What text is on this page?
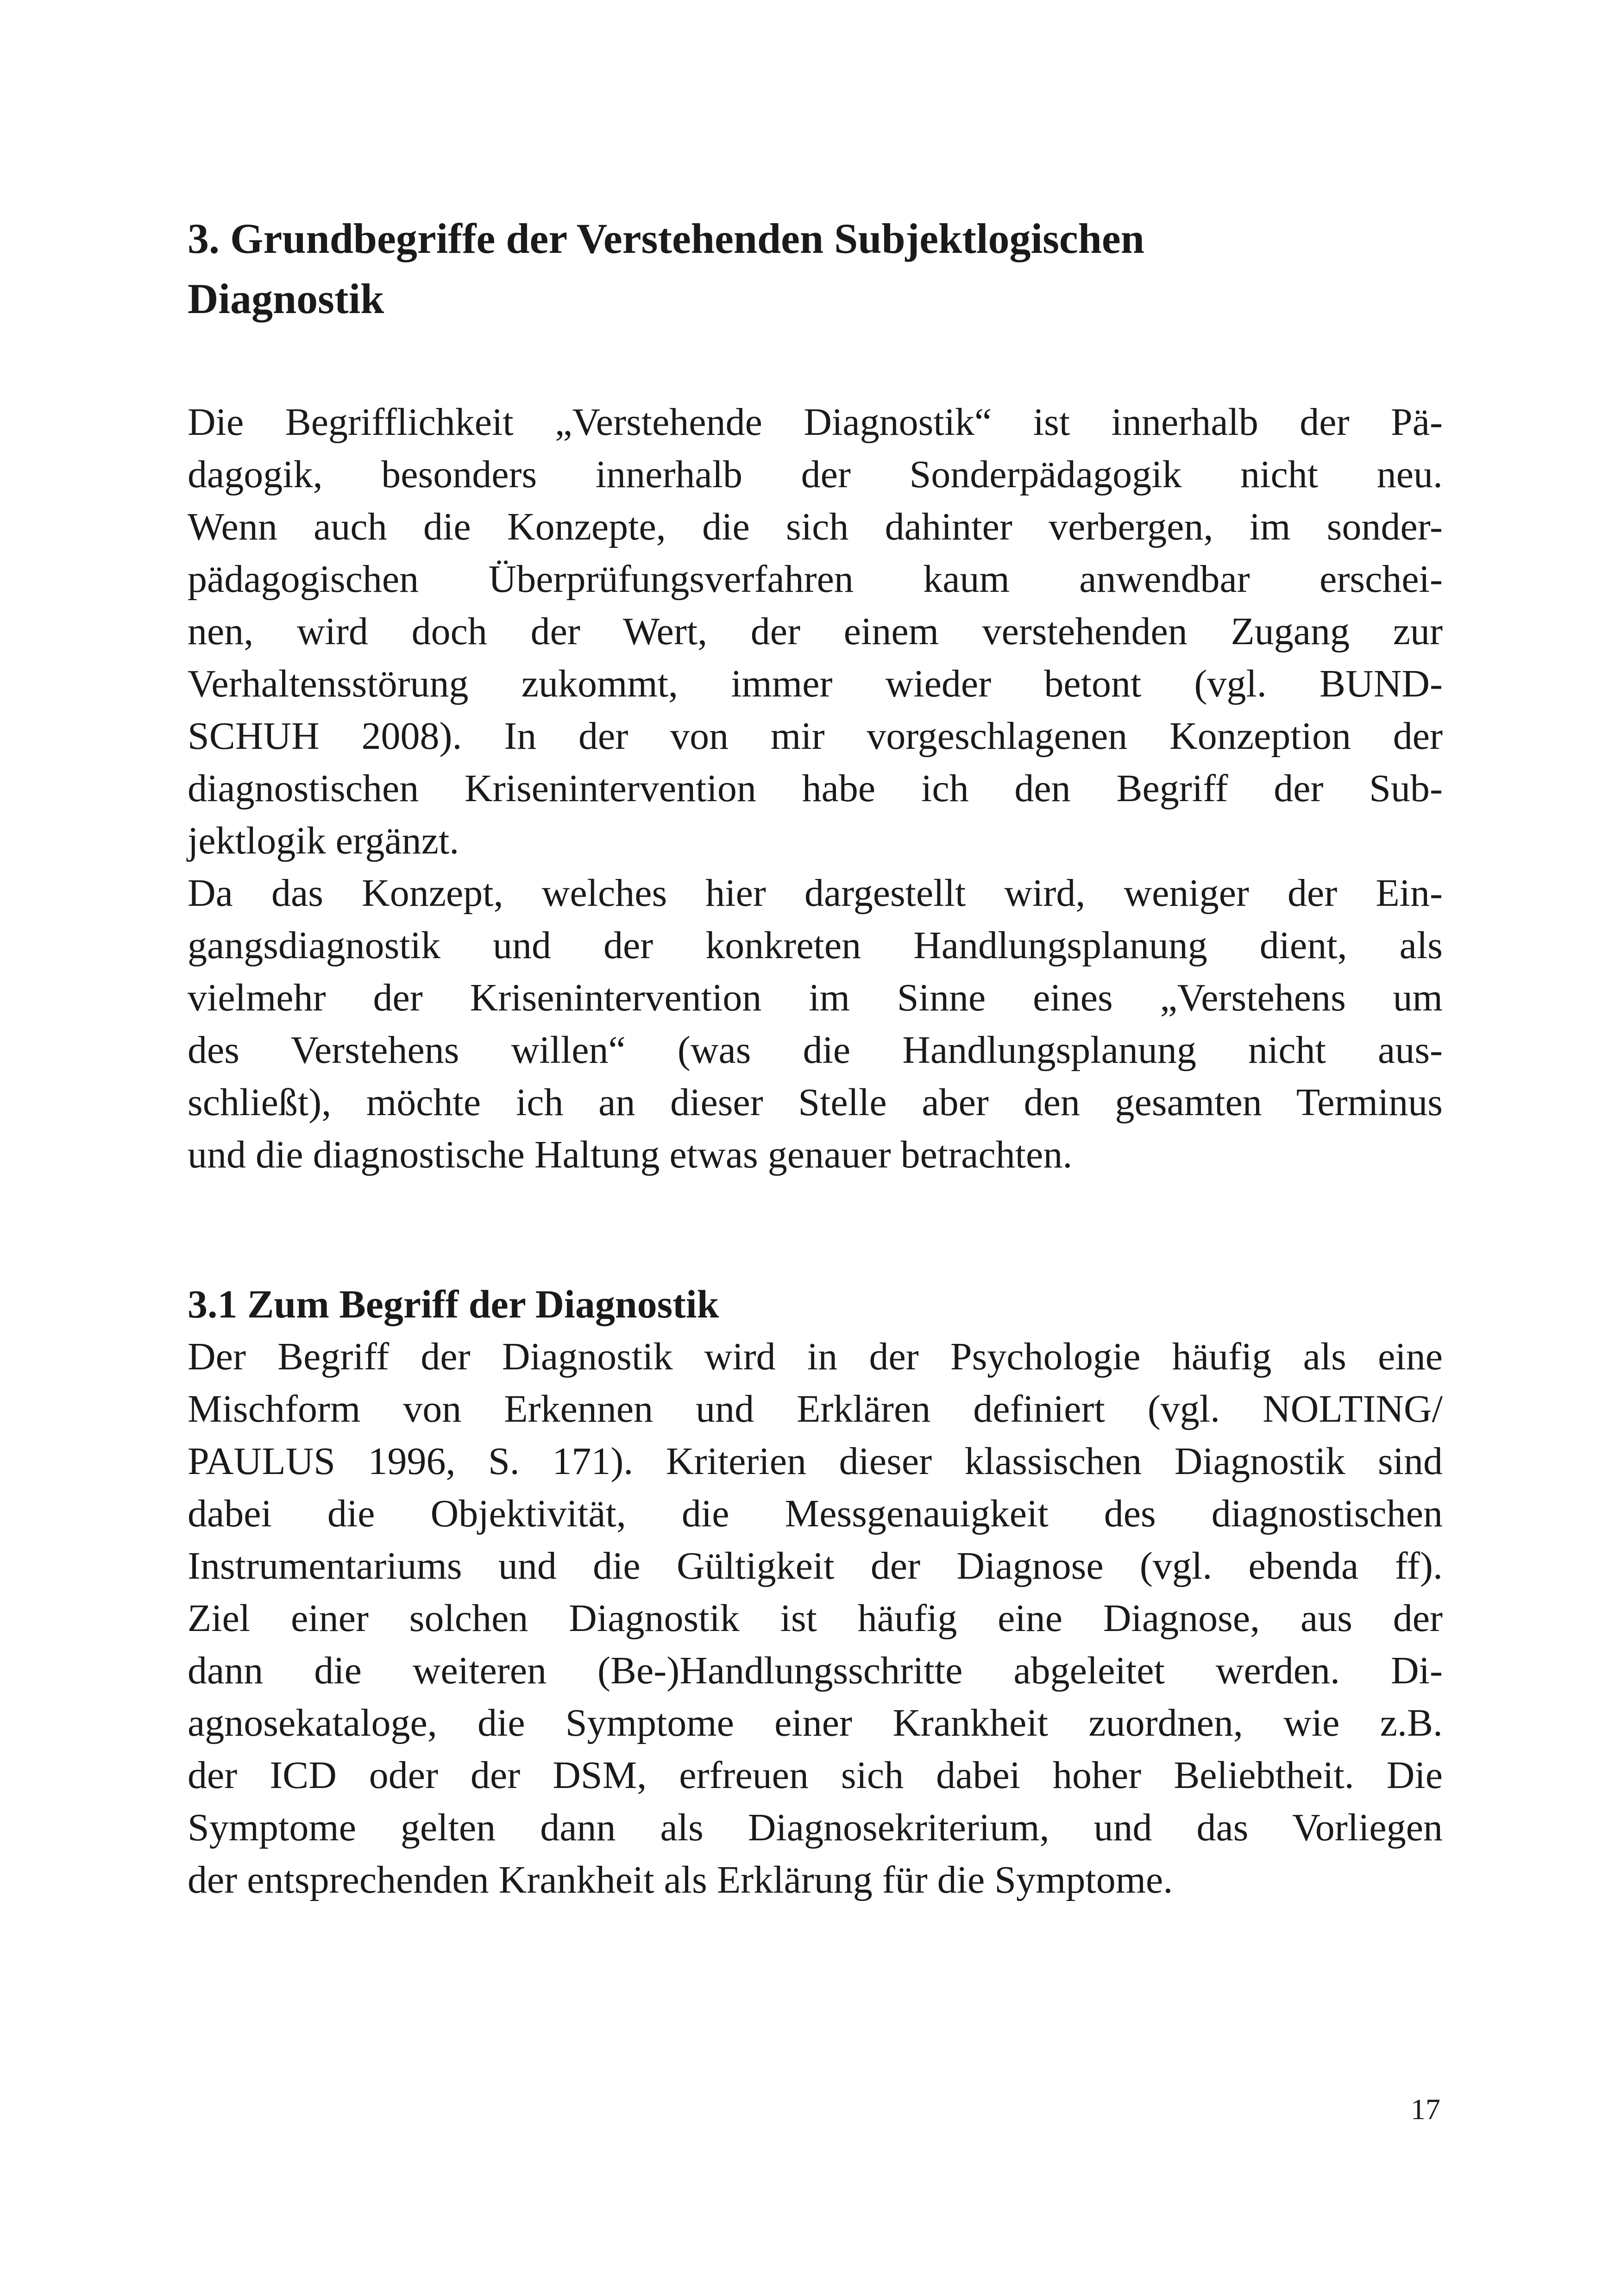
3. Grundbegriffe der Verstehenden Subjektlogischen
Diagnostik
Die Begrifflichkeit „Verstehende Diagnostik“ ist innerhalb der Pä-
dagogik, besonders innerhalb der Sonderpädagogik nicht neu.
Wenn auch die Konzepte, die sich dahinter verbergen, im sonder-
pädagogischen Überprüfungsverfahren kaum anwendbar erschei-
nen, wird doch der Wert, der einem verstehenden Zugang zur
Verhaltensstörung zukommt, immer wieder betont (vgl. BUND-
SCHUH 2008). In der von mir vorgeschlagenen Konzeption der
diagnostischen Krisenintervention habe ich den Begriff der Sub-
jektlogik ergänzt.
Da das Konzept, welches hier dargestellt wird, weniger der Ein-
gangsdiagnostik und der konkreten Handlungsplanung dient, als
vielmehr der Krisenintervention im Sinne eines „Verstehens um
des Verstehens willen“ (was die Handlungsplanung nicht aus-
schließt), möchte ich an dieser Stelle aber den gesamten Terminus
und die diagnostische Haltung etwas genauer betrachten.
3.1 Zum Begriff der Diagnostik
Der Begriff der Diagnostik wird in der Psychologie häufig als eine
Mischform von Erkennen und Erklären definiert (vgl. NOLTING/
PAULUS 1996, S. 171). Kriterien dieser klassischen Diagnostik sind
dabei die Objektivität, die Messgenauigkeit des diagnostischen
Instrumentariums und die Gültigkeit der Diagnose (vgl. ebenda ff).
Ziel einer solchen Diagnostik ist häufig eine Diagnose, aus der
dann die weiteren (Be-)Handlungsschritte abgeleitet werden. Di-
agnosekataloge, die Symptome einer Krankheit zuordnen, wie z.B.
der ICD oder der DSM, erfreuen sich dabei hoher Beliebtheit. Die
Symptome gelten dann als Diagnosekriterium, und das Vorliegen
der entsprechenden Krankheit als Erklärung für die Symptome.
17
